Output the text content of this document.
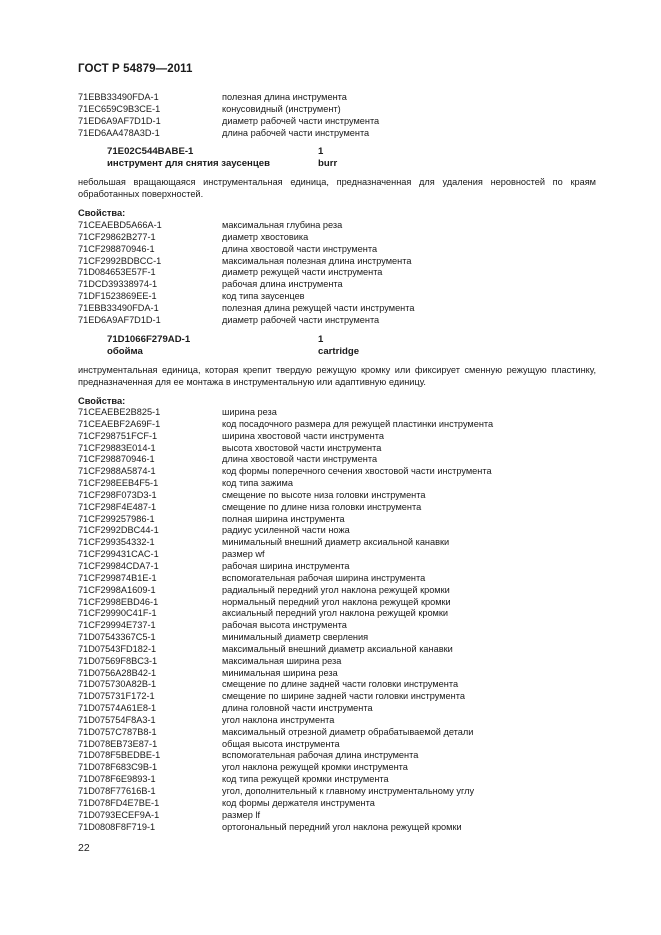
ГОСТ Р 54879—2011
71EBB33490FDA-1	полезная длина инструмента
71EC659C9B3CE-1	конусовидный (инструмент)
71ED6A9AF7D1D-1	диаметр рабочей части инструмента
71ED6AA478A3D-1	длина рабочей части инструмента
71E02C544BABE-1	1
инструмент для снятия заусенцев	burr
небольшая вращающаяся инструментальная единица, предназначенная для удаления неровностей по краям обработанных поверхностей.
Свойства:
71CEAEBD5A66A-1	максимальная глубина реза
71CF29862B277-1	диаметр хвостовика
71CF298870946-1	длина хвостовой части инструмента
71CF2992BDBCC-1	максимальная полезная длина инструмента
71D084653E57F-1	диаметр режущей части инструмента
71DCD39338974-1	рабочая длина инструмента
71DF1523869EE-1	код типа заусенцев
71EBB33490FDA-1	полезная длина режущей части инструмента
71ED6A9AF7D1D-1	диаметр рабочей части инструмента
71D1066F279AD-1	1
обойма	cartridge
инструментальная единица, которая крепит твердую режущую кромку или фиксирует сменную режущую пластинку, предназначенная для ее монтажа в инструментальную или адаптивную единицу.
Свойства:
71CEAEBE2B825-1	ширина реза
71CEAEBF2A69F-1	код посадочного размера для режущей пластинки инструмента
71CF298751FCF-1	ширина хвостовой части инструмента
71CF29883E014-1	высота хвостовой части инструмента
71CF298870946-1	длина хвостовой части инструмента
71CF2988A5874-1	код формы поперечного сечения хвостовой части инструмента
71CF298EEB4F5-1	код типа зажима
71CF298F073D3-1	смещение по высоте низа головки инструмента
71CF298F4E487-1	смещение по длине низа головки инструмента
71CF299257986-1	полная ширина инструмента
71CF2992DBC44-1	радиус усиленной части ножа
71CF299354332-1	минимальный внешний диаметр аксиальной канавки
71CF299431CAC-1	размер wf
71CF29984CDA7-1	рабочая ширина инструмента
71CF299874B1E-1	вспомогательная рабочая ширина инструмента
71CF2998A1609-1	радиальный передний угол наклона режущей кромки
71CF2998EBD46-1	нормальный передний угол наклона режущей кромки
71CF29990C41F-1	аксиальный передний угол наклона режущей кромки
71CF29994E737-1	рабочая высота инструмента
71D07543367C5-1	минимальный диаметр сверления
71D07543FD182-1	максимальный внешний диаметр аксиальной канавки
71D07569F8BC3-1	максимальная ширина реза
71D0756A28B42-1	минимальная ширина реза
71D075730A82B-1	смещение по длине задней части головки инструмента
71D075731F172-1	смещение по ширине задней части головки инструмента
71D07574A61E8-1	длина головной части инструмента
71D075754F8A3-1	угол наклона инструмента
71D0757C787B8-1	максимальный отрезной диаметр обрабатываемой детали
71D078EB73E87-1	общая высота инструмента
71D078F5BEDBE-1	вспомогательная рабочая длина инструмента
71D078F683C9B-1	угол наклона режущей кромки инструмента
71D078F6E9893-1	код типа режущей кромки инструмента
71D078F77616B-1	угол, дополнительный к главному инструментальному углу
71D078FD4E7BE-1	код формы держателя инструмента
71D0793ECEF9A-1	размер lf
71D0808F8F719-1	ортогональный передний угол наклона режущей кромки
22
